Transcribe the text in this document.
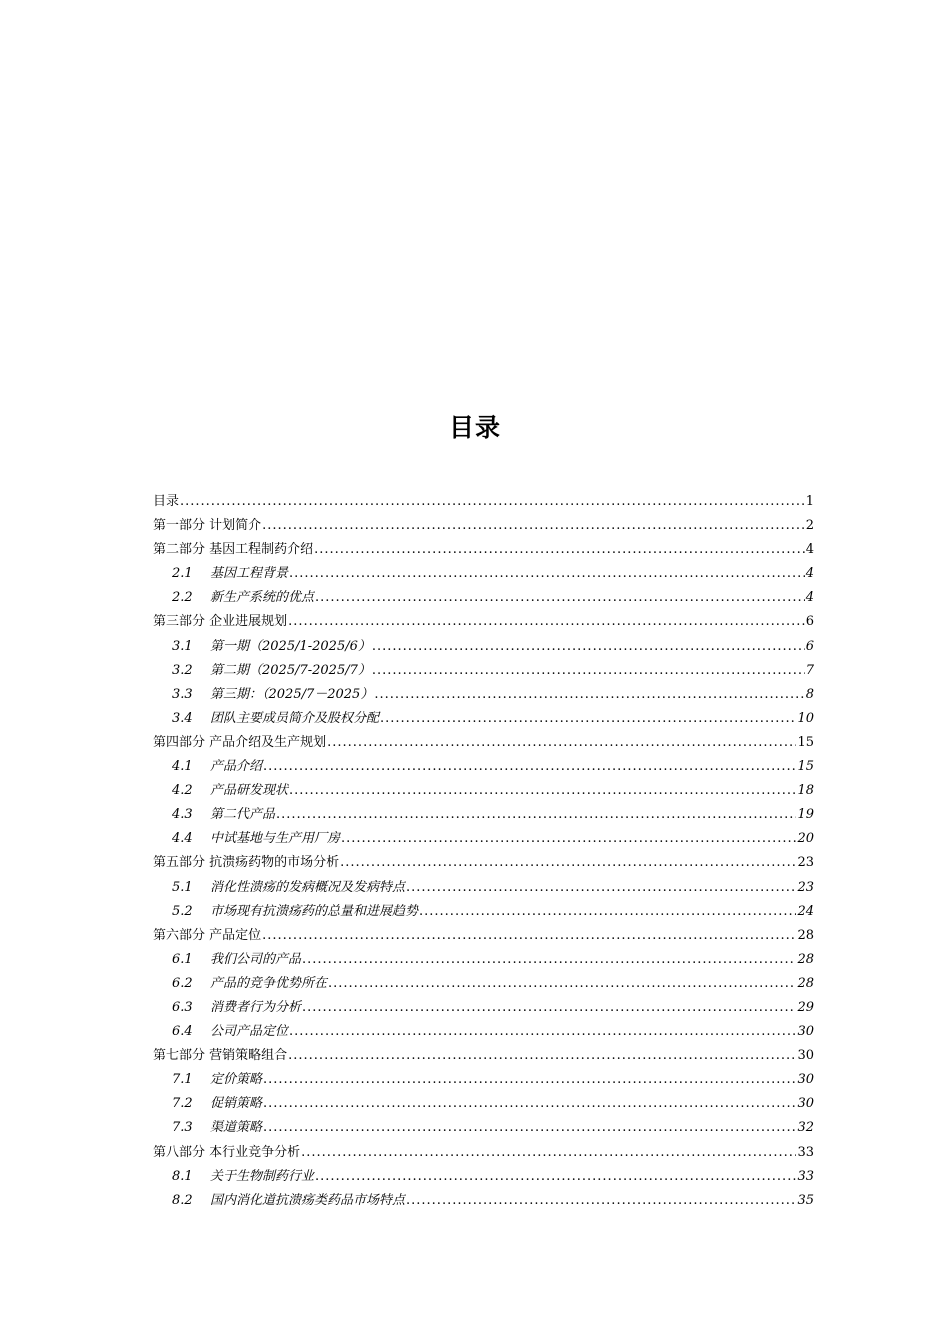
目录
目录 .....	1
第一部分 计划简介 .....	2
第二部分 基因工程制药介绍 .....	4
2.1 基因工程背景 .....	4
2.2 新生产系统的优点 .....	4
第三部分 企业进展规划 .....	6
3.1 第一期（2025/1-2025/6） .....	6
3.2 第二期（2025/7-2025/7） .....	7
3.3 第三期：（2025/7－2025） .....	8
3.4 团队主要成员简介及股权分配 .....	10
第四部分 产品介绍及生产规划 .....	15
4.1 产品介绍 .....	15
4.2 产品研发现状 .....	18
4.3 第二代产品 .....	19
4.4 中试基地与生产用厂房 .....	20
第五部分 抗溃疡药物的市场分析 .....	23
5.1 消化性溃疡的发病概况及发病特点 .....	23
5.2 市场现有抗溃疡药的总量和进展趋势 .....	24
第六部分 产品定位 .....	28
6.1 我们公司的产品 .....	28
6.2 产品的竞争优势所在 .....	28
6.3 消费者行为分析 .....	29
6.4 公司产品定位 .....	30
第七部分 营销策略组合 .....	30
7.1 定价策略 .....	30
7.2 促销策略 .....	30
7.3 渠道策略 .....	32
第八部分 本行业竞争分析 .....	33
8.1 关于生物制药行业 .....	33
8.2 国内消化道抗溃疡类药品市场特点 .....	35
